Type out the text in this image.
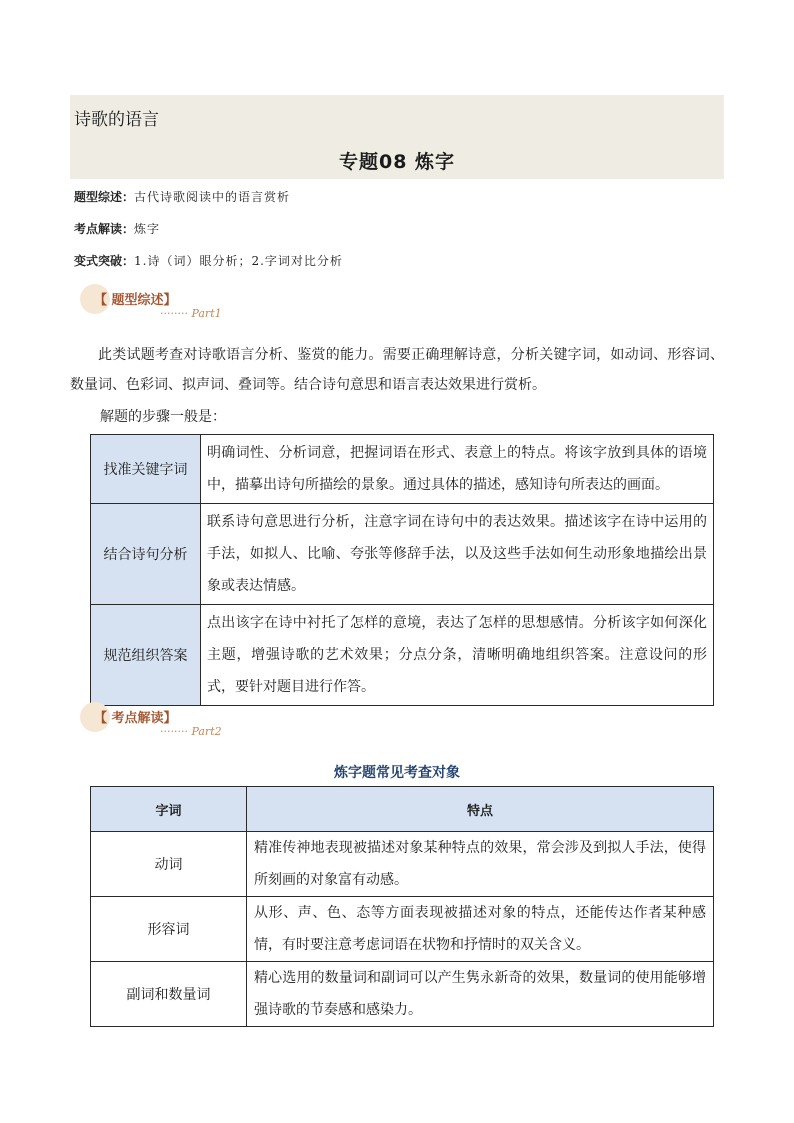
诗歌的语言
专题08 炼字
题型综述：古代诗歌阅读中的语言赏析
考点解读：炼字
变式突破：1.诗（词）眼分析；2.字词对比分析
【 题型综述】
········ Part1
此类试题考查对诗歌语言分析、鉴赏的能力。需要正确理解诗意，分析关键字词，如动词、形容词、数量词、色彩词、拟声词、叠词等。结合诗句意思和语言表达效果进行赏析。
解题的步骤一般是：
找准关键字词	明确词性、分析词意，把握词语在形式、表意上的特点。将该字放到具体的语境中，描摹出诗句所描绘的景象。通过具体的描述，感知诗句所表达的画面。
结合诗句分析	联系诗句意思进行分析，注意字词在诗句中的表达效果。描述该字在诗中运用的手法，如拟人、比喻、夸张等修辞手法，以及这些手法如何生动形象地描绘出景象或表达情感。
规范组织答案	点出该字在诗中衬托了怎样的意境，表达了怎样的思想感情。分析该字如何深化主题，增强诗歌的艺术效果；分点分条，清晰明确地组织答案。注意设问的形式，要针对题目进行作答。
【 考点解读】
········ Part2
炼字题常见考查对象
字词	特点
动词	精准传神地表现被描述对象某种特点的效果，常会涉及到拟人手法，使得所刻画的对象富有动感。
形容词	从形、声、色、态等方面表现被描述对象的特点，还能传达作者某种感情，有时要注意考虑词语在状物和抒情时的双关含义。
副词和数量词	精心选用的数量词和副词可以产生隽永新奇的效果，数量词的使用能够增强诗歌的节奏感和感染力。
